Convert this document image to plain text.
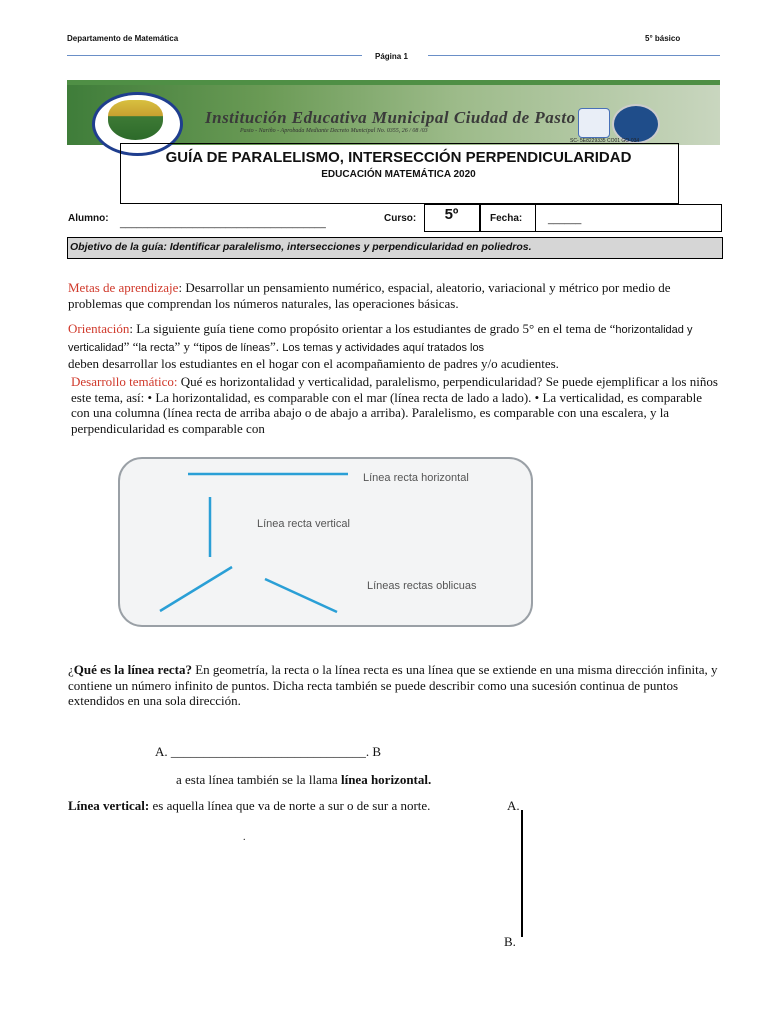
Departamento de Matemática	5° básico
Página 1
Institución Educativa Municipal Ciudad de Pasto
Pasto - Nariño - Aprobada Mediante Decreto Municipal No. 0355, 26 / 08 /03
SC- 5E8229335 CO01 GO-034
GUÍA DE PARALELISMO, INTERSECCIÓN PERPENDICULARIDAD
EDUCACIÓN MATEMÁTICA 2020
Alumno: _____________________________________	Curso:	5º	Fecha:	______
Objetivo de la guía: Identificar paralelismo, intersecciones y perpendicularidad en poliedros.
Metas de aprendizaje: Desarrollar un pensamiento numérico, espacial, aleatorio, variacional y métrico por medio de problemas que comprendan los números naturales, las operaciones básicas.
Orientación: La siguiente guía tiene como propósito orientar a los estudiantes de grado 5° en el tema de “horizontalidad y verticalidad” “la recta” y “tipos de líneas”. Los temas y actividades aquí tratados los
deben desarrollar los estudiantes en el hogar con el acompañamiento de padres y/o acudientes.
Desarrollo temático: Qué es horizontalidad y verticalidad, paralelismo, perpendicularidad? Se puede ejemplificar a los niños este tema, así: • La horizontalidad, es comparable con el mar (línea recta de lado a lado). • La verticalidad, es comparable con una columna (línea recta de arriba abajo o de abajo a arriba). Paralelismo, es comparable con una escalera, y la perpendicularidad es comparable con
Línea recta horizontal
Línea recta vertical
Líneas rectas oblicuas
¿Qué es la línea recta? En geometría, la recta o la línea recta es una línea que se extiende en una misma dirección infinita, y contiene un número infinito de puntos. Dicha recta también se puede describir como una sucesión continua de puntos extendidos en una sola dirección.
A. ______________________________. B
a esta línea también se la llama línea horizontal.
Línea vertical: es aquella línea que va de norte a sur o de sur a norte.	A.
B.
.
